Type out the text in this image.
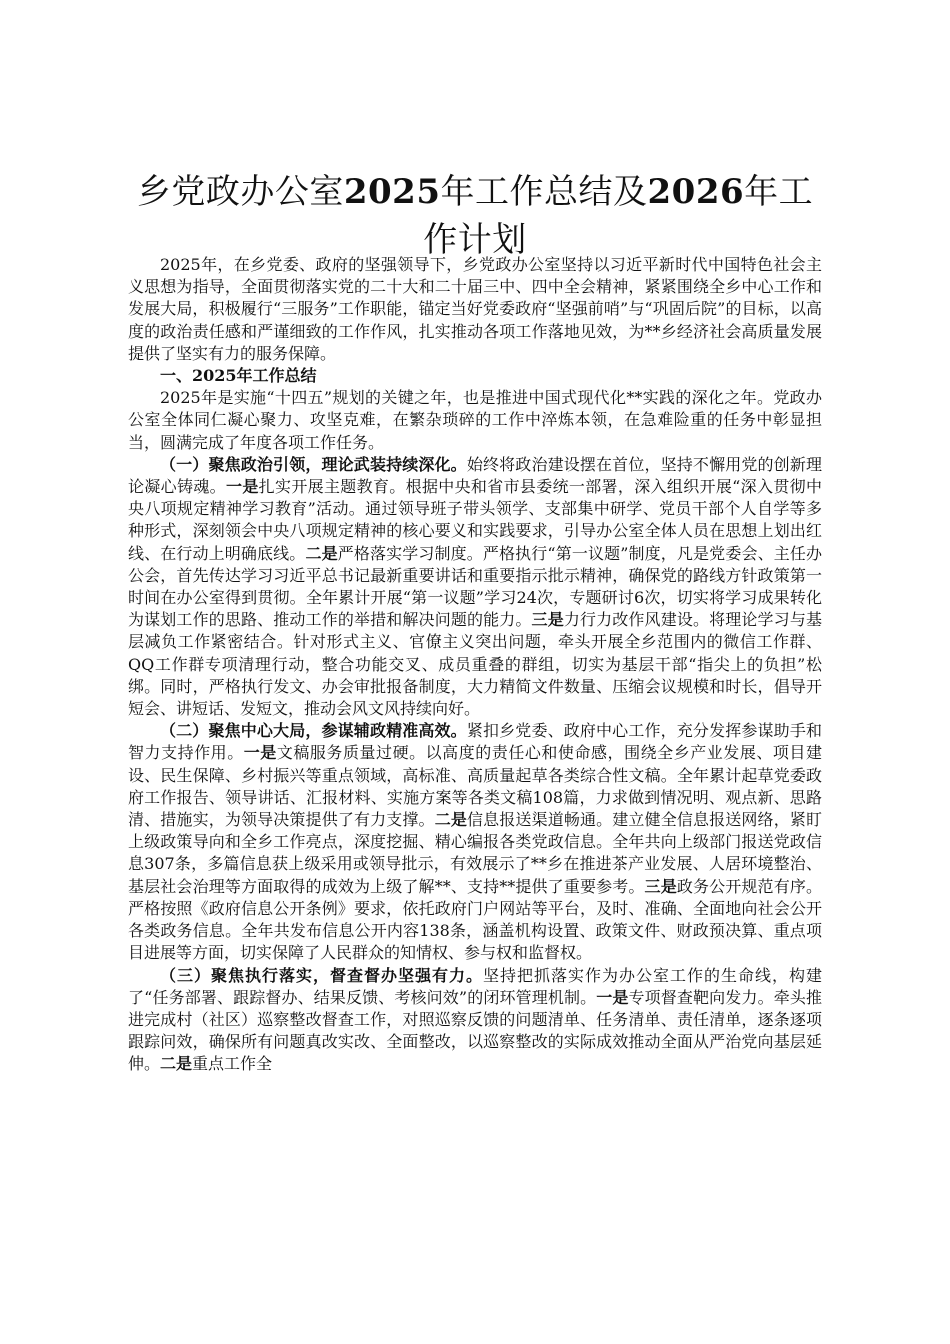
乡党政办公室2025年工作总结及2026年工作计划

2025年，在乡党委、政府的坚强领导下，乡党政办公室坚持以习近平新时代中国特色社会主义思想为指导，全面贯彻落实党的二十大和二十届三中、四中全会精神，紧紧围绕全乡中心工作和发展大局，积极履行“三服务”工作职能，锚定当好党委政府“坚强前哨”与“巩固后院”的目标，以高度的政治责任感和严谨细致的工作作风，扎实推动各项工作落地见效，为**乡经济社会高质量发展提供了坚实有力的服务保障。

一、2025年工作总结

2025年是实施“十四五”规划的关键之年，也是推进中国式现代化**实践的深化之年。党政办公室全体同仁凝心聚力、攻坚克难，在繁杂琐碎的工作中淬炼本领，在急难险重的任务中彰显担当，圆满完成了年度各项工作任务。

（一）聚焦政治引领，理论武装持续深化。始终将政治建设摆在首位，坚持不懈用党的创新理论凝心铸魂。一是扎实开展主题教育。根据中央和省市县委统一部署，深入组织开展“深入贯彻中央八项规定精神学习教育”活动。通过领导班子带头领学、支部集中研学、党员干部个人自学等多种形式，深刻领会中央八项规定精神的核心要义和实践要求，引导办公室全体人员在思想上划出红线、在行动上明确底线。二是严格落实学习制度。严格执行“第一议题”制度，凡是党委会、主任办公会，首先传达学习习近平总书记最新重要讲话和重要指示批示精神，确保党的路线方针政策第一时间在办公室得到贯彻。全年累计开展“第一议题”学习24次，专题研讨6次，切实将学习成果转化为谋划工作的思路、推动工作的举措和解决问题的能力。三是力行力改作风建设。将理论学习与基层减负工作紧密结合。针对形式主义、官僚主义突出问题，牵头开展全乡范围内的微信工作群、QQ工作群专项清理行动，整合功能交叉、成员重叠的群组，切实为基层干部“指尖上的负担”松绑。同时，严格执行发文、办会审批报备制度，大力精简文件数量、压缩会议规模和时长，倡导开短会、讲短话、发短文，推动会风文风持续向好。

（二）聚焦中心大局，参谋辅政精准高效。紧扣乡党委、政府中心工作，充分发挥参谋助手和智力支持作用。一是文稿服务质量过硬。以高度的责任心和使命感，围绕全乡产业发展、项目建设、民生保障、乡村振兴等重点领域，高标准、高质量起草各类综合性文稿。全年累计起草党委政府工作报告、领导讲话、汇报材料、实施方案等各类文稿108篇，力求做到情况明、观点新、思路清、措施实，为领导决策提供了有力支撑。二是信息报送渠道畅通。建立健全信息报送网络，紧盯上级政策导向和全乡工作亮点，深度挖掘、精心编报各类党政信息。全年共向上级部门报送党政信息307条，多篇信息获上级采用或领导批示，有效展示了**乡在推进茶产业发展、人居环境整治、基层社会治理等方面取得的成效为上级了解**、支持**提供了重要参考。三是政务公开规范有序。严格按照《政府信息公开条例》要求，依托政府门户网站等平台，及时、准确、全面地向社会公开各类政务信息。全年共发布信息公开内容138条，涵盖机构设置、政策文件、财政预决算、重点项目进展等方面，切实保障了人民群众的知情权、参与权和监督权。

（三）聚焦执行落实，督查督办坚强有力。坚持把抓落实作为办公室工作的生命线，构建了“任务部署、跟踪督办、结果反馈、考核问效”的闭环管理机制。一是专项督查靶向发力。牵头推进完成村（社区）巡察整改督查工作，对照巡察反馈的问题清单、任务清单、责任清单，逐条逐项跟踪问效，确保所有问题真改实改、全面整改，以巡察整改的实际成效推动全面从严治党向基层延伸。二是重点工作全
